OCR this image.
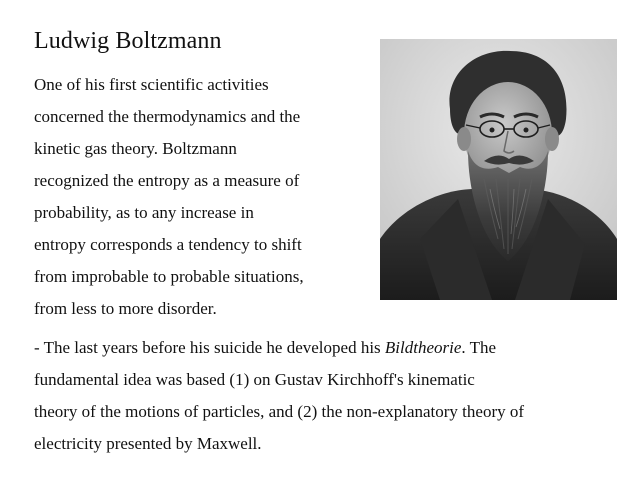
Ludwig Boltzmann

One of his first scientific activities
concerned the thermodynamics and the
kinetic gas theory. Boltzmann
recognized the entropy as a measure of
probability, as to any increase in
entropy corresponds a tendency to shift
from improbable to probable situations,
from less to more disorder.

- The last years before his suicide he developed his Bildtheorie. The
fundamental idea was based (1) on Gustav Kirchhoff's kinematic
theory of the motions of particles, and (2) the non-explanatory theory of
electricity presented by Maxwell.
